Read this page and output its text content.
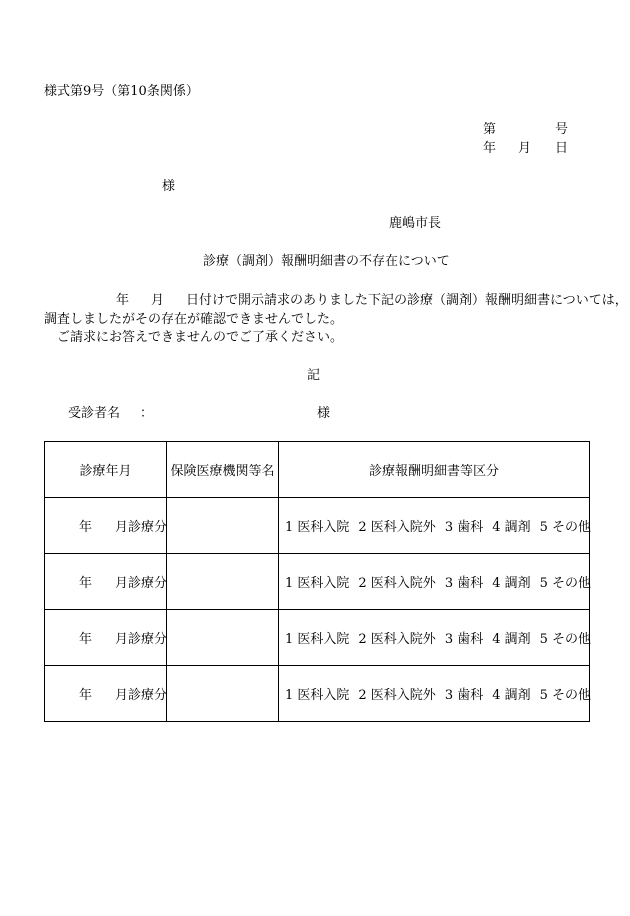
様式第9号（第10条関係）
第	号
年 月 日
様
鹿嶋市長
診療（調剤）報酬明細書の不存在について
年 月 日付けで開示請求のありました下記の診療（調剤）報酬明細書については，
調査しましたがその存在が確認できませんでした。
ご請求にお答えできませんのでご了承ください。
記
受診者名 ：	様
診療年月	保険医療機関等名	診療報酬明細書等区分
年 月診療分		1 医科入院 2 医科入院外 3 歯科 4 調剤 5 その他
年 月診療分		1 医科入院 2 医科入院外 3 歯科 4 調剤 5 その他
年 月診療分		1 医科入院 2 医科入院外 3 歯科 4 調剤 5 その他
年 月診療分		1 医科入院 2 医科入院外 3 歯科 4 調剤 5 その他
